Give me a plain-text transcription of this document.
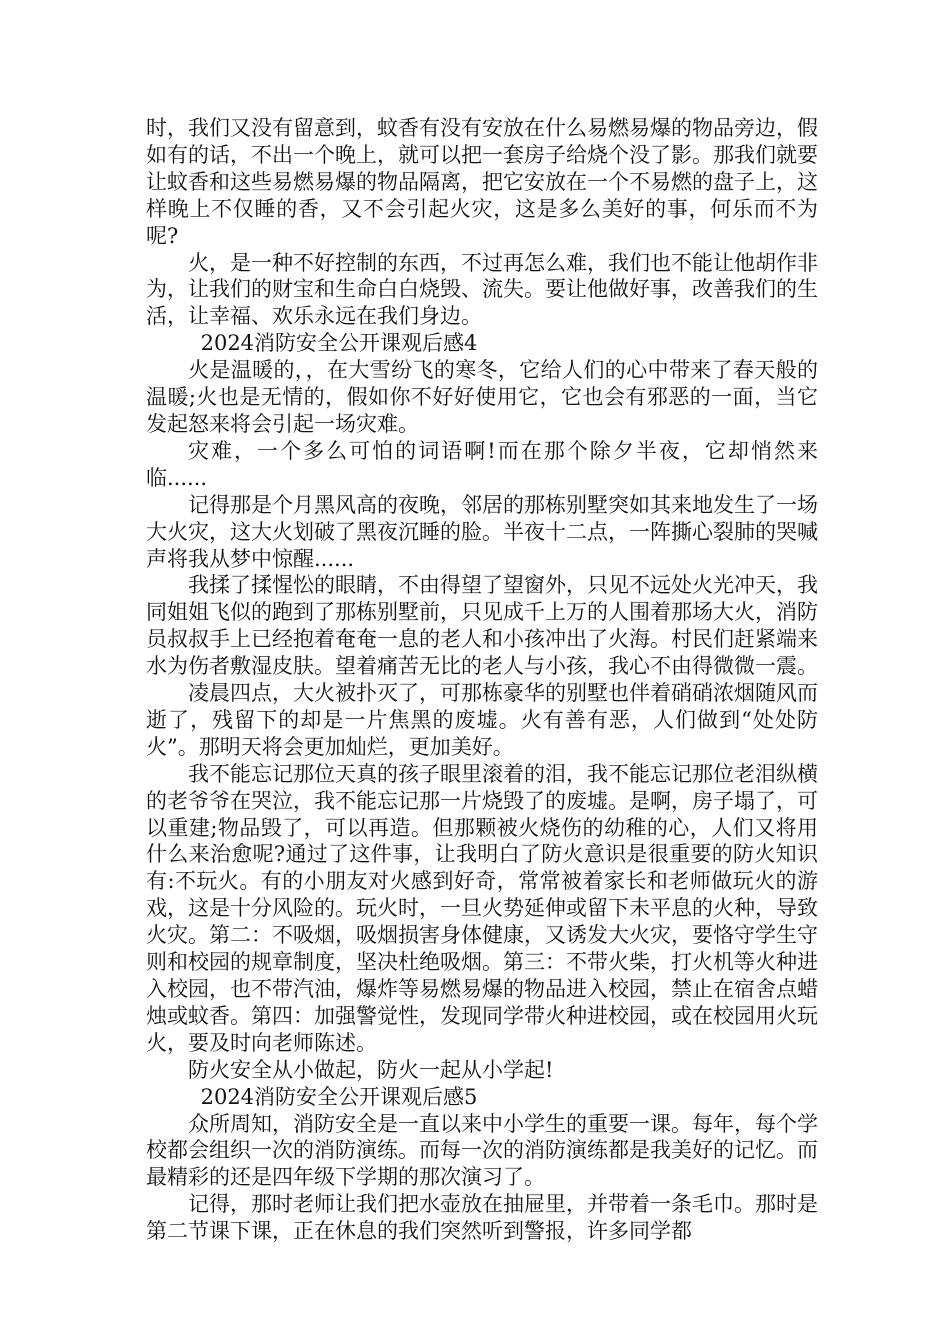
时，我们又没有留意到，蚊香有没有安放在什么易燃易爆的物品旁边，假如有的话，不出一个晚上，就可以把一套房子给烧个没了影。那我们就要让蚊香和这些易燃易爆的物品隔离，把它安放在一个不易燃的盘子上，这样晚上不仅睡的香，又不会引起火灾，这是多么美好的事，何乐而不为呢?

火，是一种不好控制的东西，不过再怎么难，我们也不能让他胡作非为，让我们的财宝和生命白白烧毁、流失。要让他做好事，改善我们的生活，让幸福、欢乐永远在我们身边。

2024消防安全公开课观后感4

火是温暖的，，在大雪纷飞的寒冬，它给人们的心中带来了春天般的温暖;火也是无情的，假如你不好好使用它，它也会有邪恶的一面，当它发起怒来将会引起一场灾难。

灾难，一个多么可怕的词语啊!而在那个除夕半夜，它却悄然来临......

记得那是个月黑风高的夜晚，邻居的那栋别墅突如其来地发生了一场大火灾，这大火划破了黑夜沉睡的脸。半夜十二点，一阵撕心裂肺的哭喊声将我从梦中惊醒......

我揉了揉惺忪的眼睛，不由得望了望窗外，只见不远处火光冲天，我同姐姐飞似的跑到了那栋别墅前，只见成千上万的人围着那场大火，消防员叔叔手上已经抱着奄奄一息的老人和小孩冲出了火海。村民们赶紧端来水为伤者敷湿皮肤。望着痛苦无比的老人与小孩，我心不由得微微一震。

凌晨四点，大火被扑灭了，可那栋豪华的别墅也伴着硝硝浓烟随风而逝了，残留下的却是一片焦黑的废墟。火有善有恶，人们做到“处处防火”。那明天将会更加灿烂，更加美好。

我不能忘记那位天真的孩子眼里滚着的泪，我不能忘记那位老泪纵横的老爷爷在哭泣，我不能忘记那一片烧毁了的废墟。是啊，房子塌了，可以重建;物品毁了，可以再造。但那颗被火烧伤的幼稚的心，人们又将用什么来治愈呢?通过了这件事，让我明白了防火意识是很重要的防火知识有:不玩火。有的小朋友对火感到好奇，常常被着家长和老师做玩火的游戏，这是十分风险的。玩火时，一旦火势延伸或留下未平息的火种，导致火灾。第二：不吸烟，吸烟损害身体健康，又诱发大火灾，要恪守学生守则和校园的规章制度，坚决杜绝吸烟。第三：不带火柴，打火机等火种进入校园，也不带汽油，爆炸等易燃易爆的物品进入校园，禁止在宿舍点蜡烛或蚊香。第四：加强警觉性，发现同学带火种进校园，或在校园用火玩火，要及时向老师陈述。

防火安全从小做起，防火一起从小学起!

2024消防安全公开课观后感5

众所周知，消防安全是一直以来中小学生的重要一课。每年，每个学校都会组织一次的消防演练。而每一次的消防演练都是我美好的记忆。而最精彩的还是四年级下学期的那次演习了。

记得，那时老师让我们把水壶放在抽屉里，并带着一条毛巾。那时是第二节课下课，正在休息的我们突然听到警报，许多同学都
